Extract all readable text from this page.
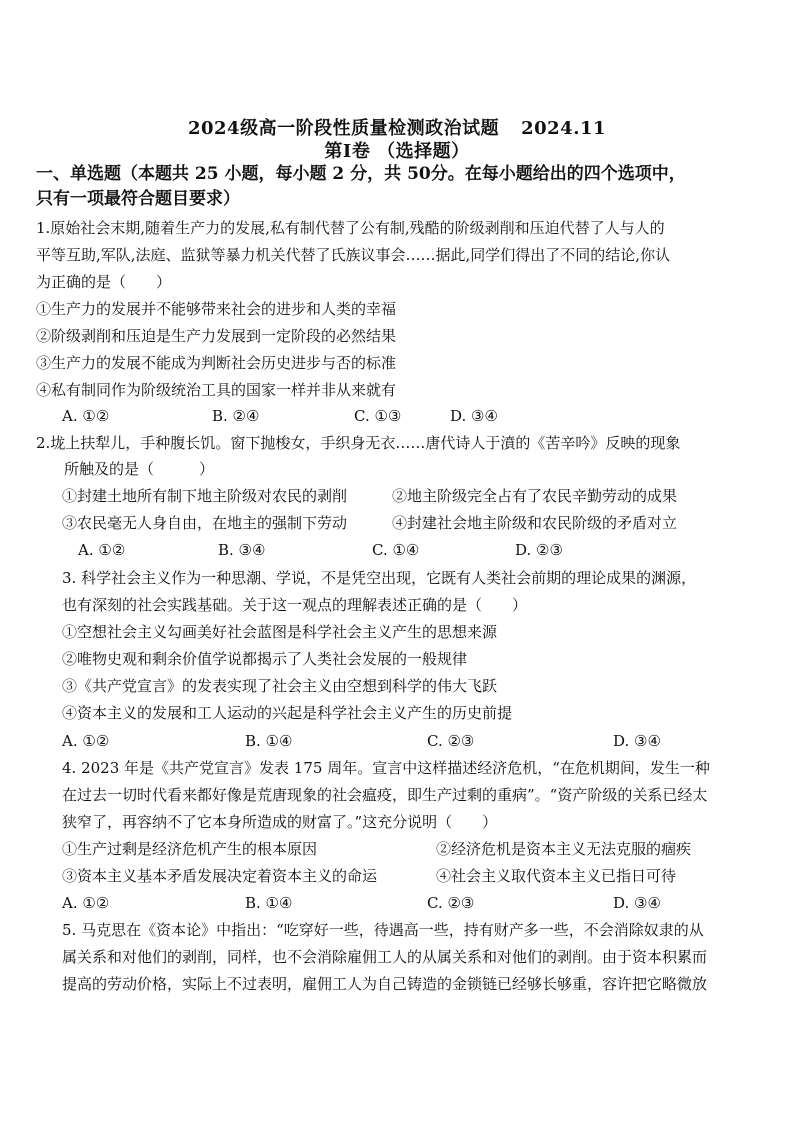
2024级高一阶段性质量检测政治试题 2024.11
第Ⅰ卷 （选择题）
一、单选题（本题共 25 小题，每小题 2 分，共 50分。在每小题给出的四个选项中，
只有一项最符合题目要求）
1.原始社会末期,随着生产力的发展,私有制代替了公有制,残酷的阶级剥削和压迫代替了人与人的
平等互助,军队,法庭、监狱等暴力机关代替了氏族议事会……据此,同学们得出了不同的结论,你认
为正确的是（　　）
①生产力的发展并不能够带来社会的进步和人类的幸福
②阶级剥削和压迫是生产力发展到一定阶段的必然结果
③生产力的发展不能成为判断社会历史进步与否的标准
④私有制同作为阶级统治工具的国家一样并非从来就有
A. ①②	B. ②④	C. ①③	D. ③④
2.垅上扶犁儿，手种腹长饥。窗下抛梭女，手织身无衣……唐代诗人于濆的《苦辛吟》反映的现象
所触及的是（　　　）
①封建土地所有制下地主阶级对农民的剥削	②地主阶级完全占有了农民辛勤劳动的成果
③农民毫无人身自由，在地主的强制下劳动	④封建社会地主阶级和农民阶级的矛盾对立
A. ①②	B. ③④	C. ①④	D. ②③
3. 科学社会主义作为一种思潮、学说，不是凭空出现，它既有人类社会前期的理论成果的渊源，
也有深刻的社会实践基础。关于这一观点的理解表述正确的是（　　）
①空想社会主义勾画美好社会蓝图是科学社会主义产生的思想来源
②唯物史观和剩余价值学说都揭示了人类社会发展的一般规律
③《共产党宣言》的发表实现了社会主义由空想到科学的伟大飞跃
④资本主义的发展和工人运动的兴起是科学社会主义产生的历史前提
A. ①②	B. ①④	C. ②③	D. ③④
4. 2023 年是《共产党宣言》发表 175 周年。宣言中这样描述经济危机，“在危机期间，发生一种
在过去一切时代看来都好像是荒唐现象的社会瘟疫，即生产过剩的重病”。“资产阶级的关系已经太
狭窄了，再容纳不了它本身所造成的财富了。”这充分说明（　　）
①生产过剩是经济危机产生的根本原因	②经济危机是资本主义无法克服的痼疾
③资本主义基本矛盾发展决定着资本主义的命运	④社会主义取代资本主义已指日可待
A. ①②	B. ①④	C. ②③	D. ③④
5. 马克思在《资本论》中指出：“吃穿好一些，待遇高一些，持有财产多一些，不会消除奴隶的从
属关系和对他们的剥削，同样，也不会消除雇佣工人的从属关系和对他们的剥削。由于资本积累而
提高的劳动价格，实际上不过表明，雇佣工人为自己铸造的金锁链已经够长够重，容许把它略微放
